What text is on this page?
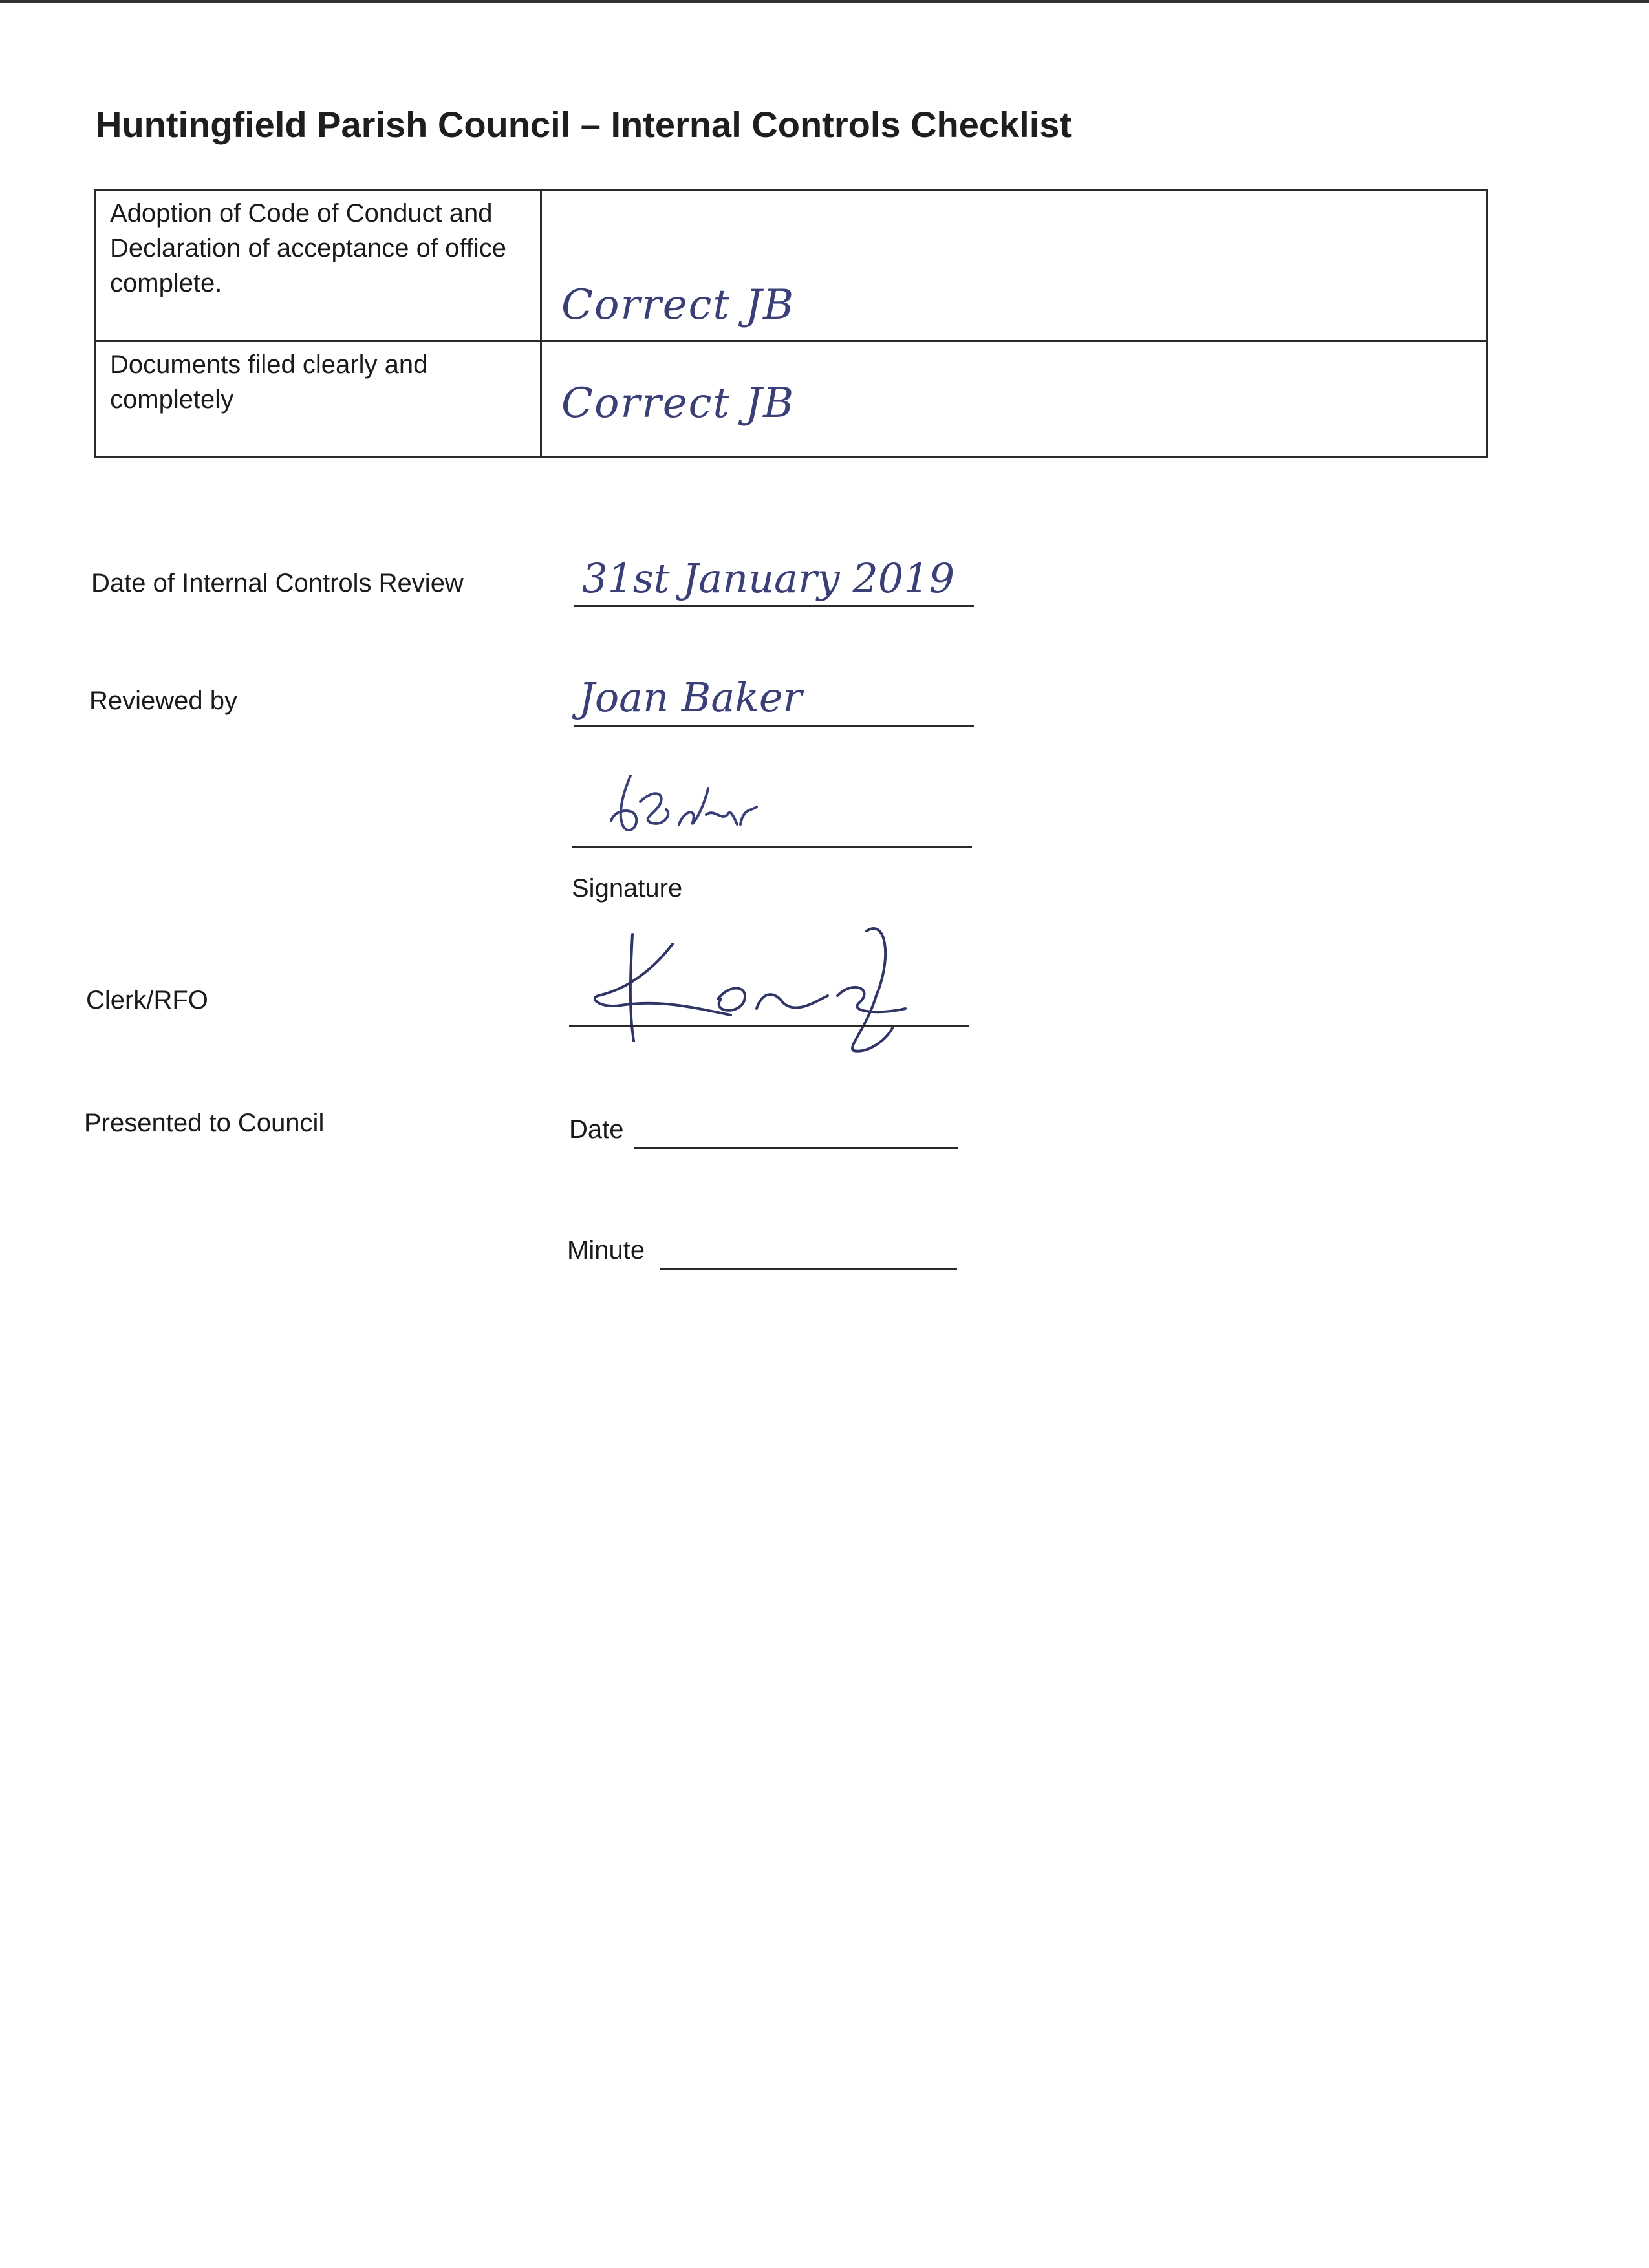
Huntingfield Parish Council – Internal Controls Checklist
Adoption of Code of Conduct and Declaration of acceptance of office complete.	Correct JB

Documents filed clearly and completely	Correct JB
Date of Internal Controls Review	31st January 2019
Reviewed by	Joan Baker
Signature
Clerk/RFO
Presented to Council	Date
Minute
